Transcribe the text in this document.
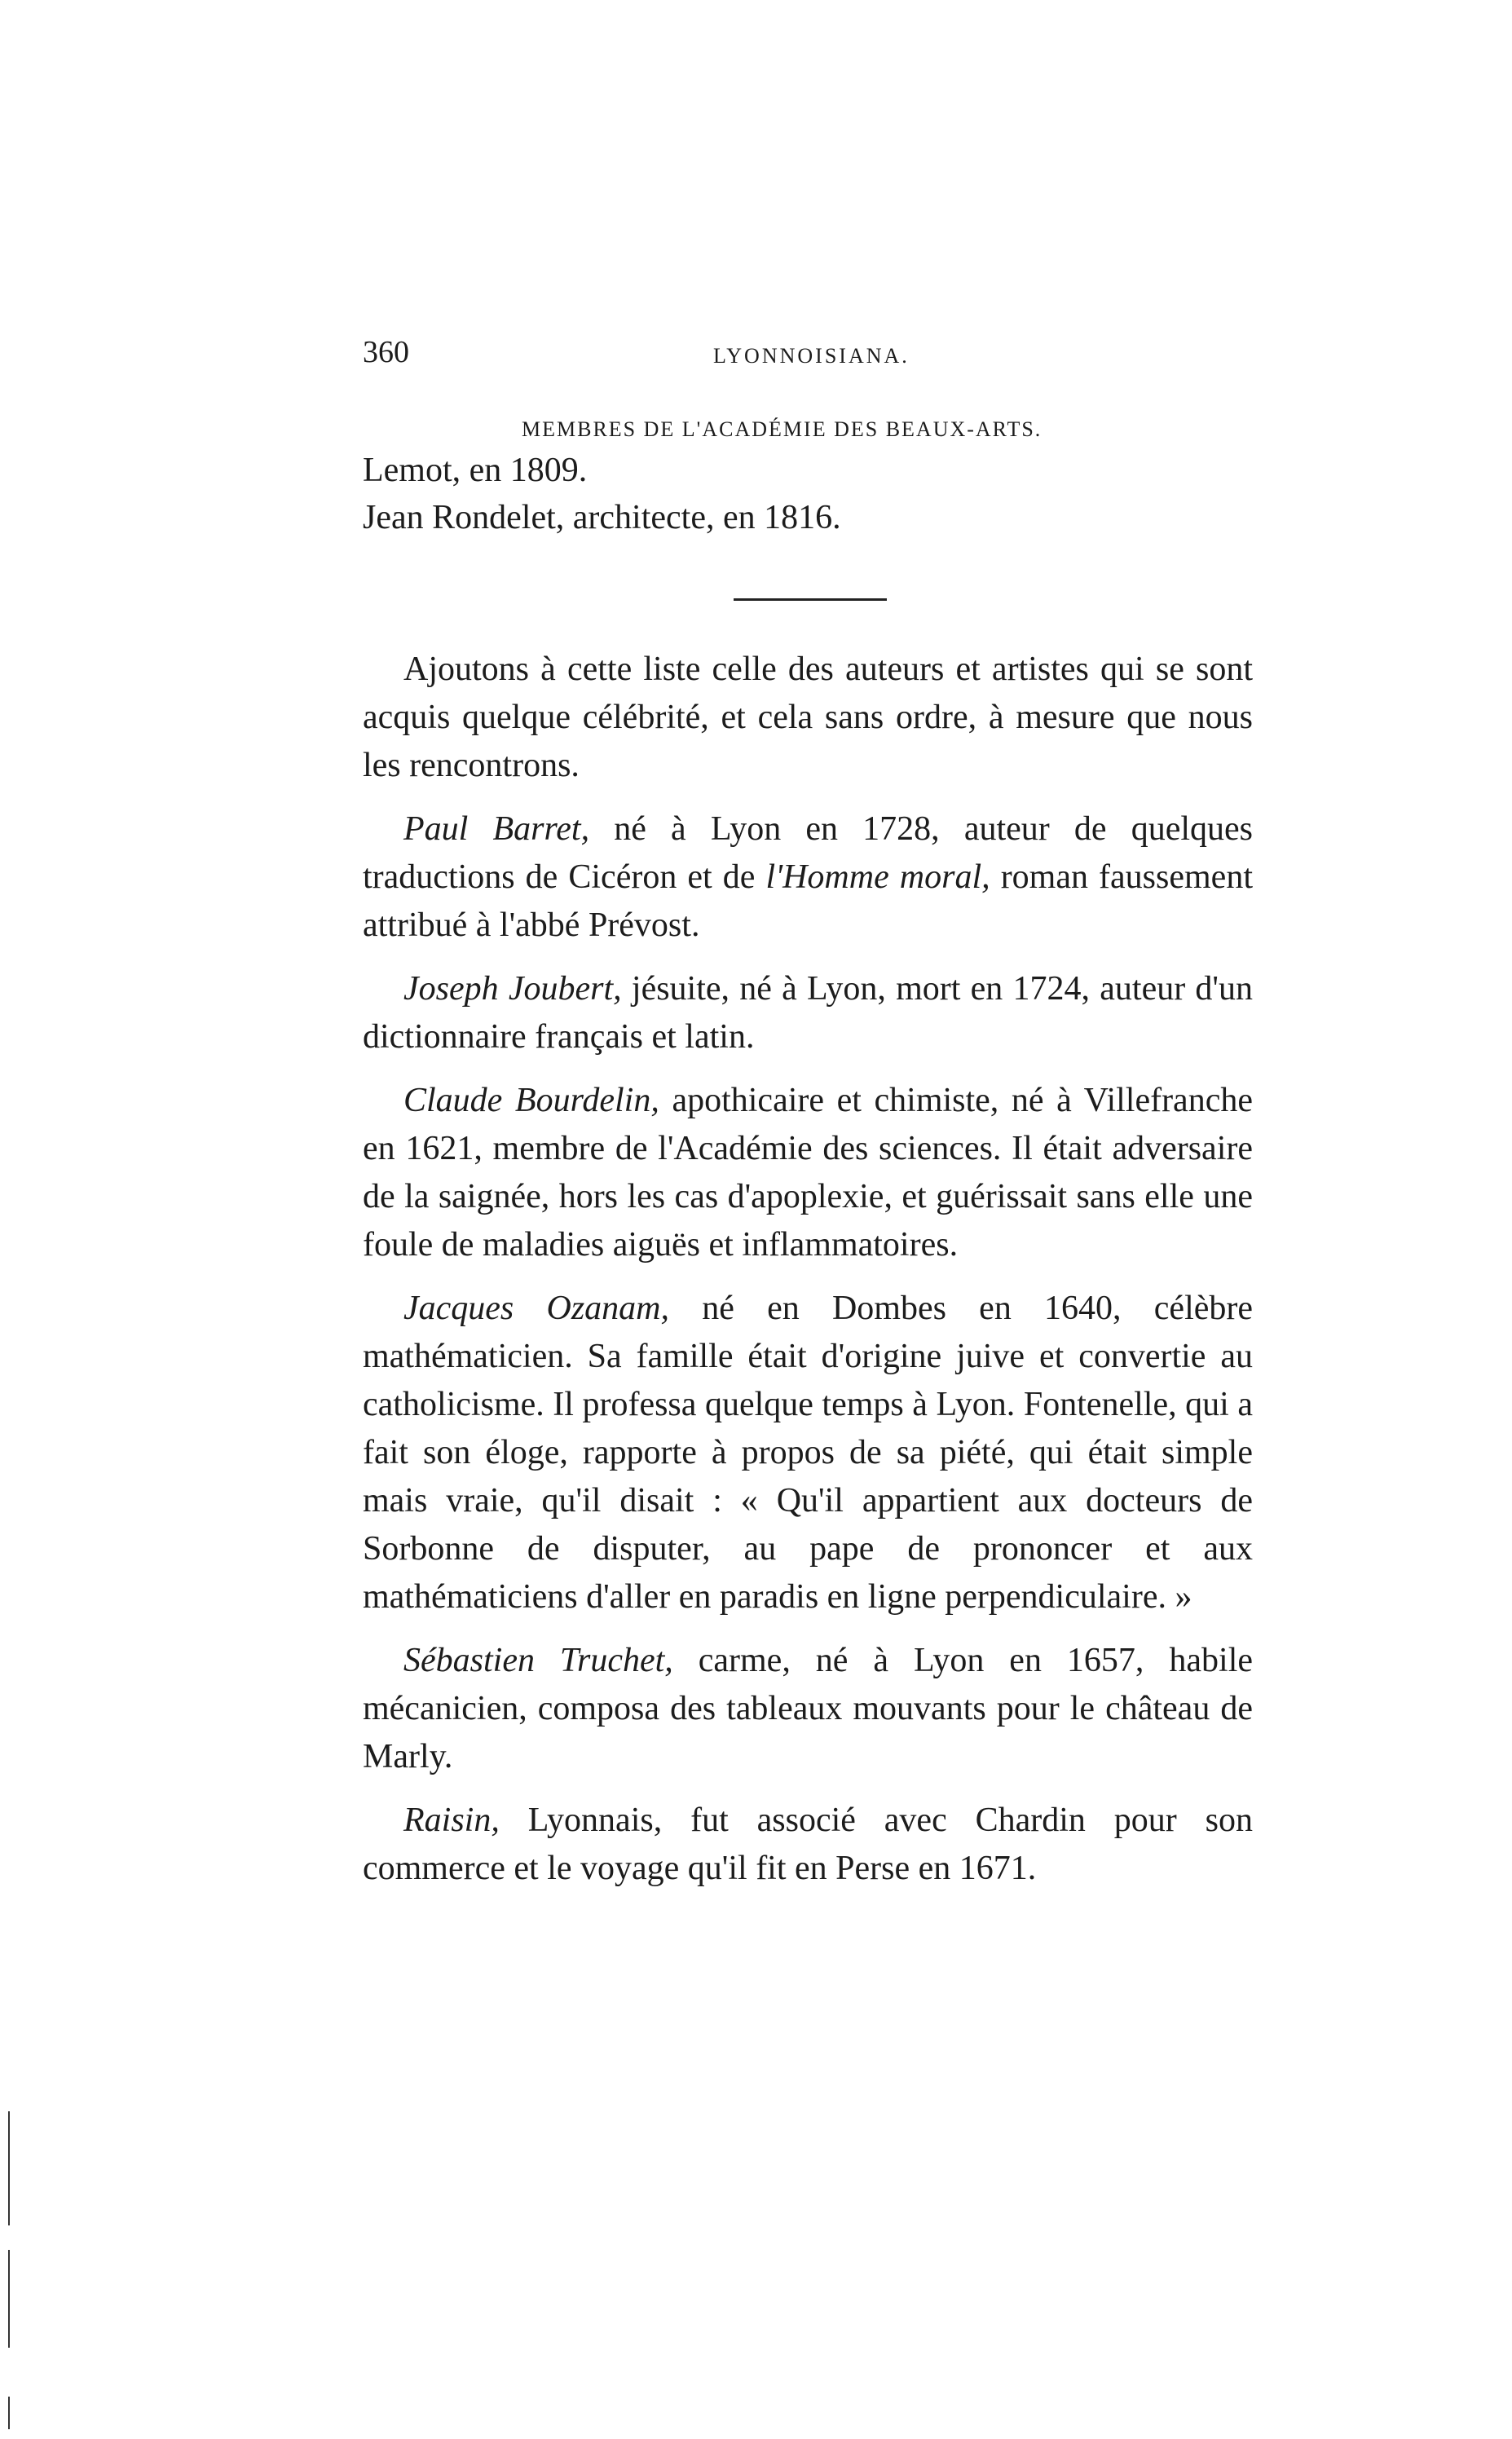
360	LYONNOISIANA.
MEMBRES DE L'ACADÉMIE DES BEAUX-ARTS.
Lemot, en 1809.
Jean Rondelet, architecte, en 1816.

Ajoutons à cette liste celle des auteurs et artistes qui se sont acquis quelque célébrité, et cela sans ordre, à mesure que nous les rencontrons.

Paul Barret, né à Lyon en 1728, auteur de quelques traductions de Cicéron et de l'Homme moral, roman faussement attribué à l'abbé Prévost.

Joseph Joubert, jésuite, né à Lyon, mort en 1724, auteur d'un dictionnaire français et latin.

Claude Bourdelin, apothicaire et chimiste, né à Villefranche en 1621, membre de l'Académie des sciences. Il était adversaire de la saignée, hors les cas d'apoplexie, et guérissait sans elle une foule de maladies aiguës et inflammatoires.

Jacques Ozanam, né en Dombes en 1640, célèbre mathématicien. Sa famille était d'origine juive et convertie au catholicisme. Il professa quelque temps à Lyon. Fontenelle, qui a fait son éloge, rapporte à propos de sa piété, qui était simple mais vraie, qu'il disait : « Qu'il appartient aux docteurs de Sorbonne de disputer, au pape de prononcer et aux mathématiciens d'aller en paradis en ligne perpendiculaire. »

Sébastien Truchet, carme, né à Lyon en 1657, habile mécanicien, composa des tableaux mouvants pour le château de Marly.

Raisin, Lyonnais, fut associé avec Chardin pour son commerce et le voyage qu'il fit en Perse en 1671.
